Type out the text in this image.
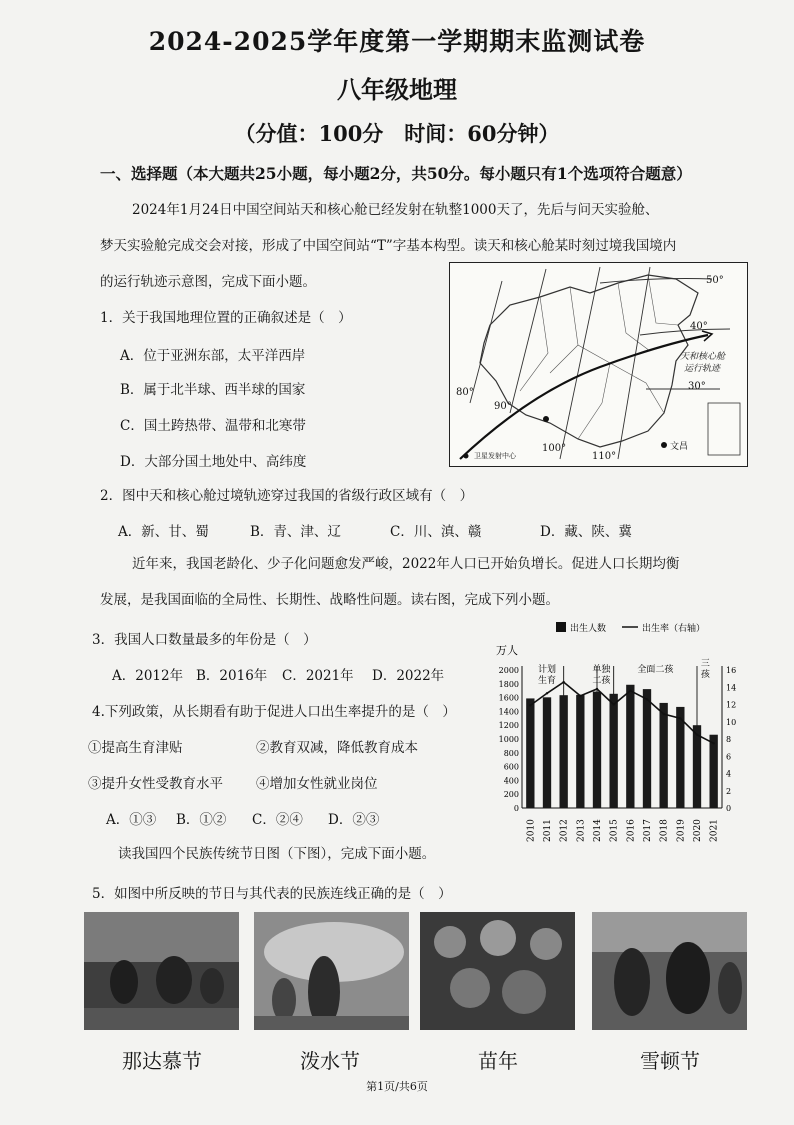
2024-2025学年度第一学期期末监测试卷
八年级地理
（分值：100分　时间：60分钟）
一、选择题（本大题共25小题，每小题2分，共50分。每小题只有1个选项符合题意）
2024年1月24日中国空间站天和核心舱已经发射在轨整1000天了，先后与问天实验舱、
梦天实验舱完成交会对接，形成了中国空间站“T”字基本构型。读天和核心舱某时刻过境我国境内
的运行轨迹示意图，完成下面小题。	50°
40°
30°
80°
90°
100°
110°
天和核心舱
运行轨迹
卫星发射中心
文昌
1．关于我国地理位置的正确叙述是（　）
A．位于亚洲东部，太平洋西岸
B．属于北半球、西半球的国家
C．国土跨热带、温带和北寒带
D．大部分国土地处中、高纬度
2．图中天和核心舱过境轨迹穿过我国的省级行政区域有（　）
A．新、甘、蜀	B．青、津、辽	C．川、滇、赣	D．藏、陕、冀
近年来，我国老龄化、少子化问题愈发严峻，2022年人口已开始负增长。促进人口长期均衡
发展，是我国面临的全局性、长期性、战略性问题。读右图，完成下列小题。
3．我国人口数量最多的年份是（　）
A．2012年 B．2016年 C．2021年 D．2022年
4.下列政策，从长期看有助于促进人口出生率提升的是（　）
①提高生育津贴	②教育双减，降低教育成本
③提升女性受教育水平 ④增加女性就业岗位
A．①③ B．①② C．②④ D．②③
出生人数	出生率（右轴）
万人
0
200
400
600
800
1000
1200
1400
1600
1800
2000
0
2
4
6
8
10
12
14
16
计划
生育
单独
二孩
全面二孩
三
孩
2010 2011 2012 2013 2014 2015 2016 2017 2018 2019 2020 2021
读我国四个民族传统节日图（下图），完成下面小题。
5．如图中所反映的节日与其代表的民族连线正确的是（　）
那达慕节	泼水节	苗年	雪顿节
第1页/共6页
